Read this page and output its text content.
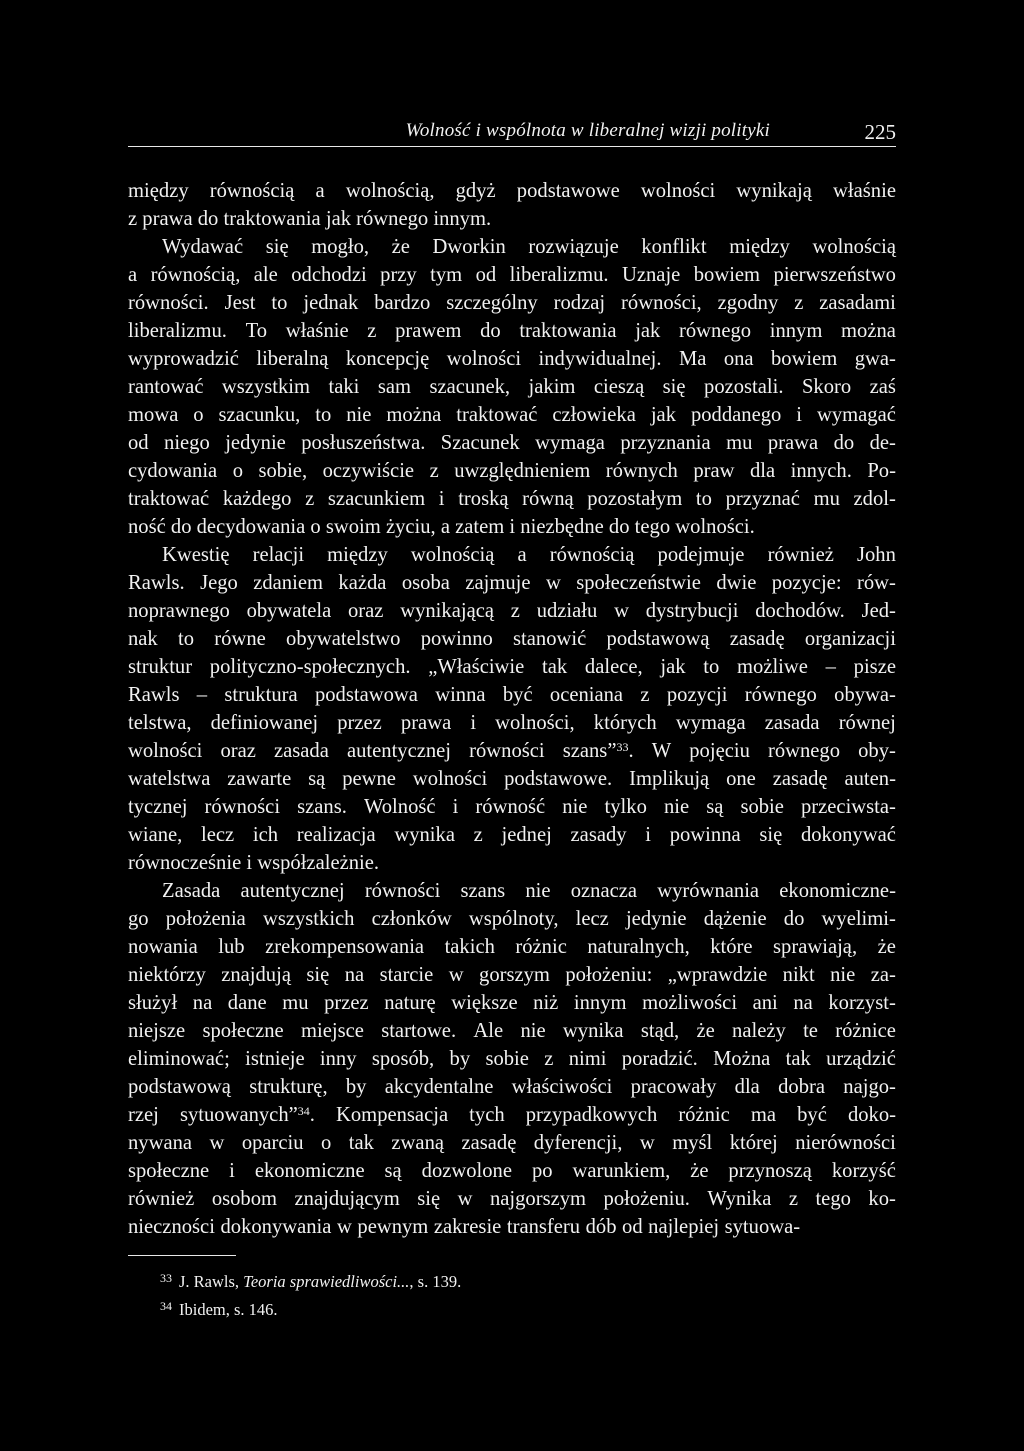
Wolność i wspólnota w liberalnej wizji polityki	225
między równością a wolnością, gdyż podstawowe wolności wynikają właśnie
z prawa do traktowania jak równego innym.
Wydawać się mogło, że Dworkin rozwiązuje konflikt między wolnością
a równością, ale odchodzi przy tym od liberalizmu. Uznaje bowiem pierwszeństwo
równości. Jest to jednak bardzo szczególny rodzaj równości, zgodny z zasadami
liberalizmu. To właśnie z prawem do traktowania jak równego innym można
wyprowadzić liberalną koncepcję wolności indywidualnej. Ma ona bowiem gwa-
rantować wszystkim taki sam szacunek, jakim cieszą się pozostali. Skoro zaś
mowa o szacunku, to nie można traktować człowieka jak poddanego i wymagać
od niego jedynie posłuszeństwa. Szacunek wymaga przyznania mu prawa do de-
cydowania o sobie, oczywiście z uwzględnieniem równych praw dla innych. Po-
traktować każdego z szacunkiem i troską równą pozostałym to przyznać mu zdol-
ność do decydowania o swoim życiu, a zatem i niezbędne do tego wolności.
Kwestię relacji między wolnością a równością podejmuje również John
Rawls. Jego zdaniem każda osoba zajmuje w społeczeństwie dwie pozycje: rów-
noprawnego obywatela oraz wynikającą z udziału w dystrybucji dochodów. Jed-
nak to równe obywatelstwo powinno stanowić podstawową zasadę organizacji
struktur polityczno-społecznych. „Właściwie tak dalece, jak to możliwe – pisze
Rawls – struktura podstawowa winna być oceniana z pozycji równego obywa-
telstwa, definiowanej przez prawa i wolności, których wymaga zasada równej
wolności oraz zasada autentycznej równości szans”$^{33}$. W pojęciu równego oby-
watelstwa zawarte są pewne wolności podstawowe. Implikują one zasadę auten-
tycznej równości szans. Wolność i równość nie tylko nie są sobie przeciwsta-
wiane, lecz ich realizacja wynika z jednej zasady i powinna się dokonywać
równocześnie i współzależnie.
Zasada autentycznej równości szans nie oznacza wyrównania ekonomiczne-
go położenia wszystkich członków wspólnoty, lecz jedynie dążenie do wyelimi-
nowania lub zrekompensowania takich różnic naturalnych, które sprawiają, że
niektórzy znajdują się na starcie w gorszym położeniu: „wprawdzie nikt nie za-
służył na dane mu przez naturę większe niż innym możliwości ani na korzyst-
niejsze społeczne miejsce startowe. Ale nie wynika stąd, że należy te różnice
eliminować; istnieje inny sposób, by sobie z nimi poradzić. Można tak urządzić
podstawową strukturę, by akcydentalne właściwości pracowały dla dobra najgo-
rzej sytuowanych”$^{34}$. Kompensacja tych przypadkowych różnic ma być doko-
nywana w oparciu o tak zwaną zasadę dyferencji, w myśl której nierówności
społeczne i ekonomiczne są dozwolone po warunkiem, że przynoszą korzyść
również osobom znajdującym się w najgorszym położeniu. Wynika z tego ko-
nieczności dokonywania w pewnym zakresie transferu dób od najlepiej sytuowa-
$^{33}$ J. Rawls, Teoria sprawiedliwości..., s. 139.
$^{34}$ Ibidem, s. 146.
